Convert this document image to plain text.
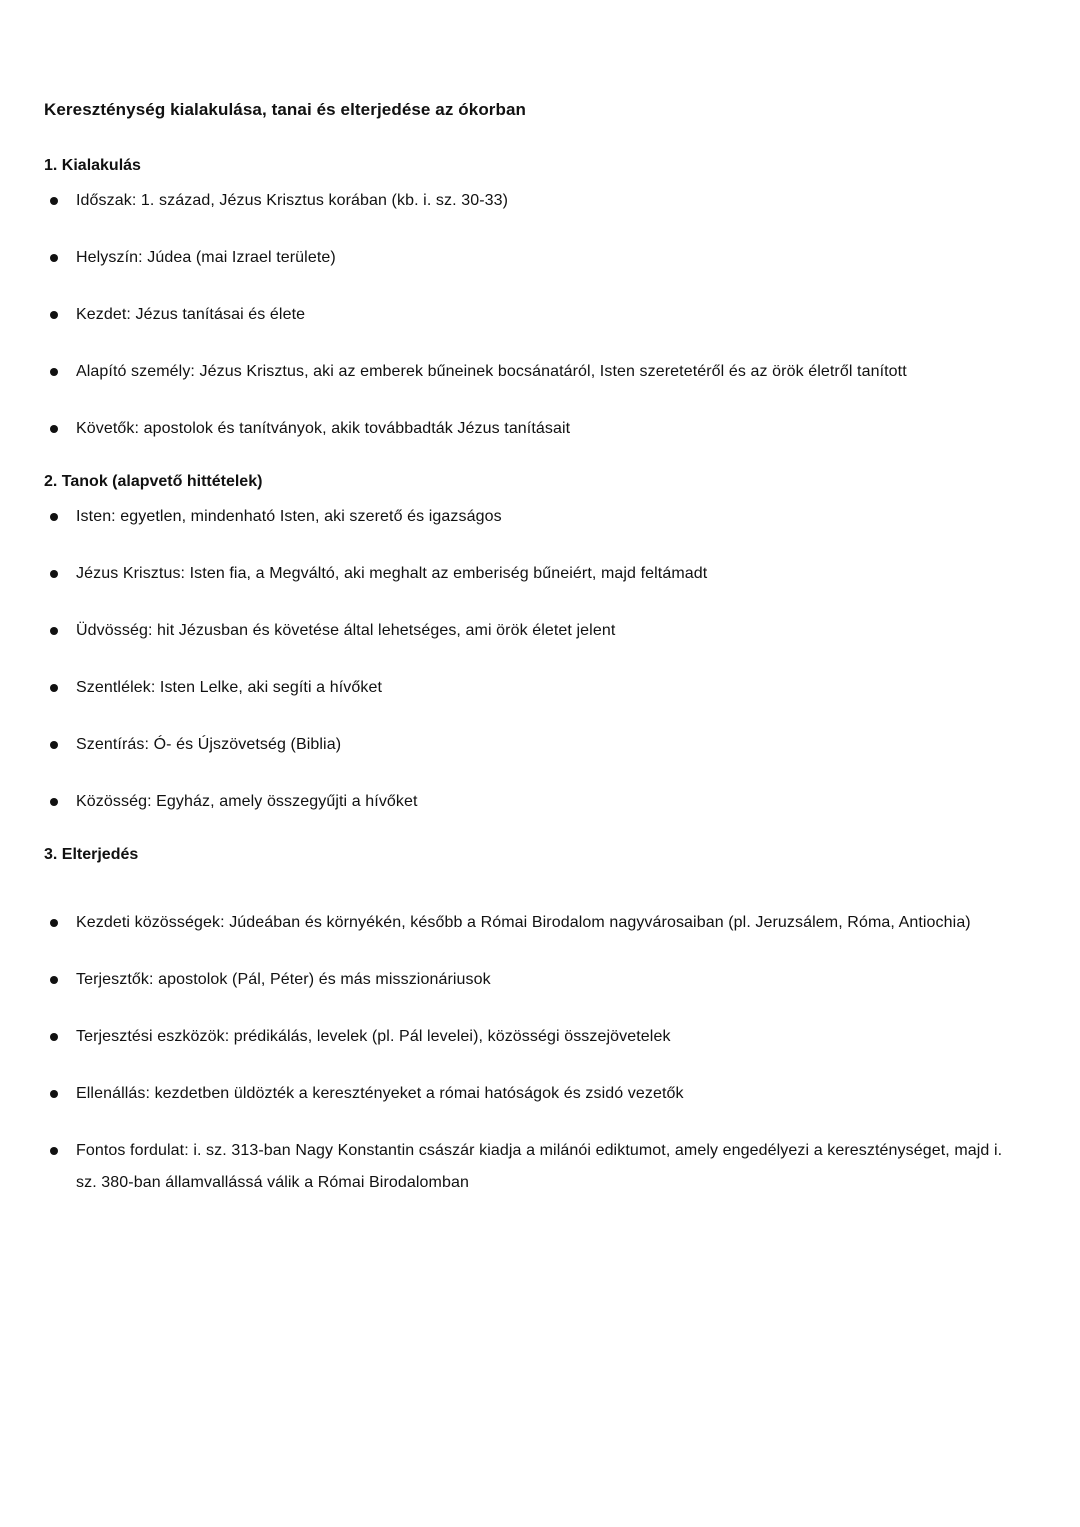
Kereszténység kialakulása, tanai és elterjedése az ókorban
1. Kialakulás
Időszak: 1. század, Jézus Krisztus korában (kb. i. sz. 30-33)
Helyszín: Júdea (mai Izrael területe)
Kezdet: Jézus tanításai és élete
Alapító személy: Jézus Krisztus, aki az emberek bűneinek bocsánatáról, Isten szeretetéről és az örök életről tanított
Követők: apostolok és tanítványok, akik továbbadták Jézus tanításait
2. Tanok (alapvető hittételek)
Isten: egyetlen, mindenható Isten, aki szerető és igazságos
Jézus Krisztus: Isten fia, a Megváltó, aki meghalt az emberiség bűneiért, majd feltámadt
Üdvösség: hit Jézusban és követése által lehetséges, ami örök életet jelent
Szentlélek: Isten Lelke, aki segíti a hívőket
Szentírás: Ó- és Újszövetség (Biblia)
Közösség: Egyház, amely összegyűjti a hívőket
3. Elterjedés
Kezdeti közösségek: Júdeában és környékén, később a Római Birodalom nagyvárosaiban (pl. Jeruzsálem, Róma, Antiochia)
Terjesztők: apostolok (Pál, Péter) és más misszionáriusok
Terjesztési eszközök: prédikálás, levelek (pl. Pál levelei), közösségi összejövetelek
Ellenállás: kezdetben üldözték a keresztényeket a római hatóságok és zsidó vezetők
Fontos fordulat: i. sz. 313-ban Nagy Konstantin császár kiadja a milánói ediktumot, amely engedélyezi a kereszténységet, majd i. sz. 380-ban államvallássá válik a Római Birodalomban
